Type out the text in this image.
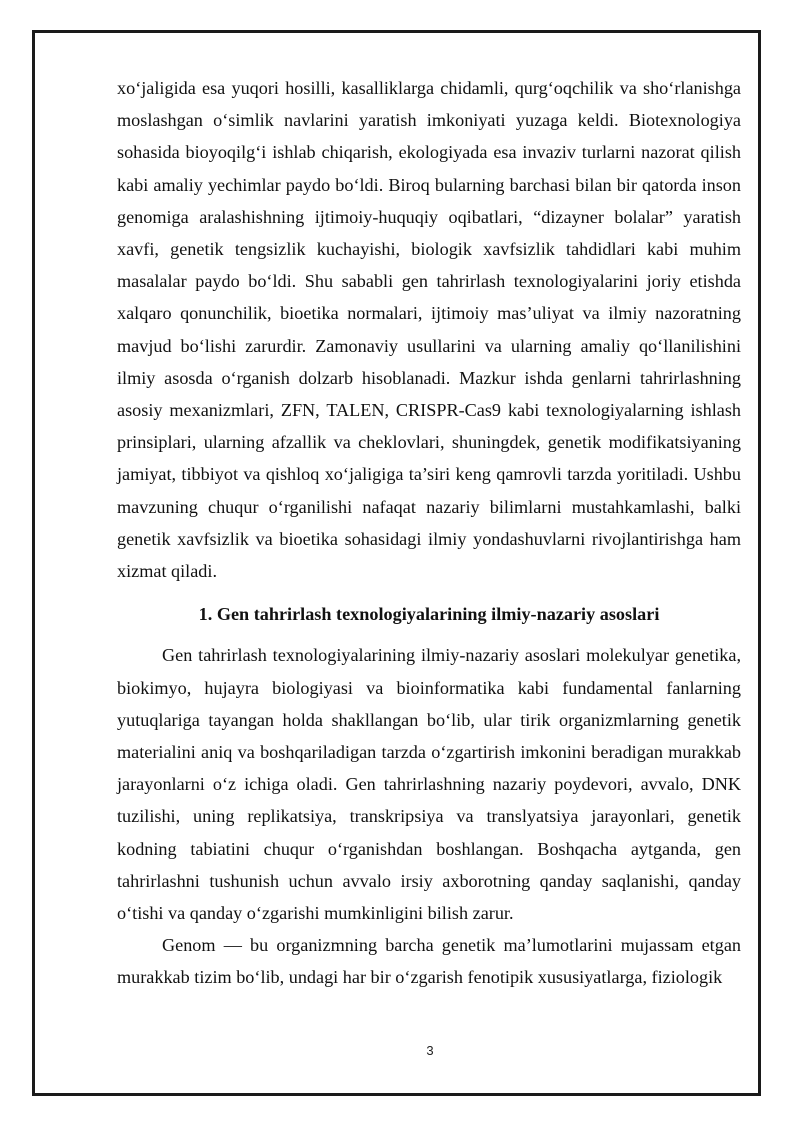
xo‘jaligida esa yuqori hosilli, kasalliklarga chidamli, qurg‘oqchilik va sho‘rlanishga moslashgan o‘simlik navlarini yaratish imkoniyati yuzaga keldi. Biotexnologiya sohasida bioyoqilg‘i ishlab chiqarish, ekologiyada esa invaziv turlarni nazorat qilish kabi amaliy yechimlar paydo bo‘ldi. Biroq bularning barchasi bilan bir qatorda inson genomiga aralashishning ijtimoiy-huquqiy oqibatlari, “dizayner bolalar” yaratish xavfi, genetik tengsizlik kuchayishi, biologik xavfsizlik tahdidlari kabi muhim masalalar paydo bo‘ldi. Shu sababli gen tahrirlash texnologiyalarini joriy etishda xalqaro qonunchilik, bioetika normalari, ijtimoiy mas’uliyat va ilmiy nazoratning mavjud bo‘lishi zarurdir. Zamonaviy usullarini va ularning amaliy qo‘llanilishini ilmiy asosda o‘rganish dolzarb hisoblanadi. Mazkur ishda genlarni tahrirlashning asosiy mexanizmlari, ZFN, TALEN, CRISPR-Cas9 kabi texnologiyalarning ishlash prinsiplari, ularning afzallik va cheklovlari, shuningdek, genetik modifikatsiyaning jamiyat, tibbiyot va qishloq xo‘jaligiga ta’siri keng qamrovli tarzda yoritiladi. Ushbu mavzuning chuqur o‘rganilishi nafaqat nazariy bilimlarni mustahkamlashi, balki genetik xavfsizlik va bioetika sohasidagi ilmiy yondashuvlarni rivojlantirishga ham xizmat qiladi.

1. Gen tahrirlash texnologiyalarining ilmiy-nazariy asoslari

Gen tahrirlash texnologiyalarining ilmiy-nazariy asoslari molekulyar genetika, biokimyo, hujayra biologiyasi va bioinformatika kabi fundamental fanlarning yutuqlariga tayangan holda shakllangan bo‘lib, ular tirik organizmlarning genetik materialini aniq va boshqariladigan tarzda o‘zgartirish imkonini beradigan murakkab jarayonlarni o‘z ichiga oladi. Gen tahrirlashning nazariy poydevori, avvalo, DNK tuzilishi, uning replikatsiya, transkripsiya va translyatsiya jarayonlari, genetik kodning tabiatini chuqur o‘rganishdan boshlangan. Boshqacha aytganda, gen tahrirlashni tushunish uchun avvalo irsiy axborotning qanday saqlanishi, qanday o‘tishi va qanday o‘zgarishi mumkinligini bilish zarur.

Genom — bu organizmning barcha genetik ma’lumotlarini mujassam etgan murakkab tizim bo‘lib, undagi har bir o‘zgarish fenotipik xususiyatlarga, fiziologik

3
